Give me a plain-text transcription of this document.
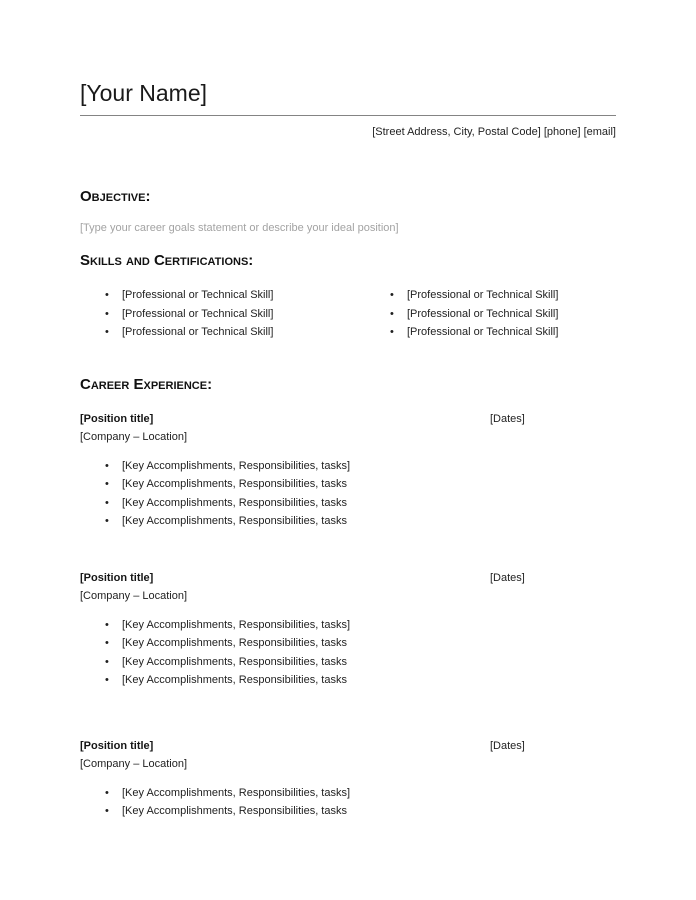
[Your Name]
[Street Address, City, Postal Code] [phone] [email]
Objective:
[Type your career goals statement or describe your ideal position]
Skills and Certifications:
• [Professional or Technical Skill]
• [Professional or Technical Skill]
• [Professional or Technical Skill]
• [Professional or Technical Skill]
• [Professional or Technical Skill]
• [Professional or Technical Skill]
Career Experience:
[Position title]	[Dates]
[Company – Location]
• [Key Accomplishments, Responsibilities, tasks]
• [Key Accomplishments, Responsibilities, tasks
• [Key Accomplishments, Responsibilities, tasks
• [Key Accomplishments, Responsibilities, tasks
[Position title]	[Dates]
[Company – Location]
• [Key Accomplishments, Responsibilities, tasks]
• [Key Accomplishments, Responsibilities, tasks
• [Key Accomplishments, Responsibilities, tasks
• [Key Accomplishments, Responsibilities, tasks
[Position title]	[Dates]
[Company – Location]
• [Key Accomplishments, Responsibilities, tasks]
• [Key Accomplishments, Responsibilities, tasks
